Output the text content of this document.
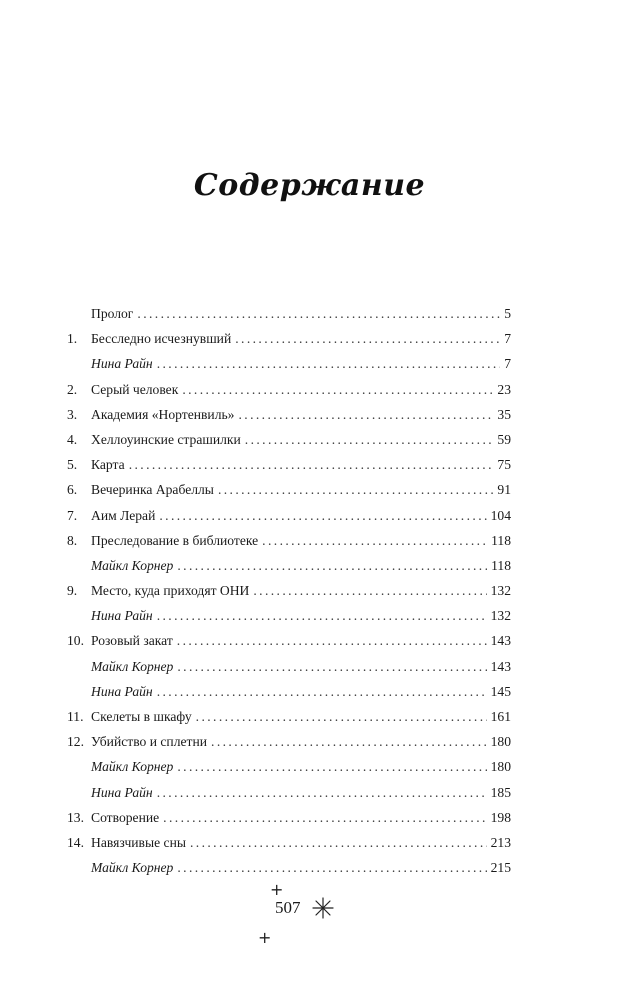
Содержание
Пролог . . .	5
1.	Бесследно исчезнувший . . .	7
Нина Райн . . .	7
2.	Серый человек . . .	23
3.	Академия «Нортенвиль» . . .	35
4.	Хеллоуинские страшилки . . .	59
5.	Карта . . .	75
6.	Вечеринка Арабеллы . . .	91
7.	Аим Лерай . . .	104
8.	Преследование в библиотеке . . .	118
Майкл Корнер . . .	118
9.	Место, куда приходят ОНИ . . .	132
Нина Райн . . .	132
10. Розовый закат . . .	143
Майкл Корнер . . .	143
Нина Райн . . .	145
11. Скелеты в шкафу . . .	161
12. Убийство и сплетни . . .	180
Майкл Корнер . . .	180
Нина Райн . . .	185
13. Сотворение . . .	198
14. Навязчивые сны . . .	213
Майкл Корнер . . .	215
+
507
+
